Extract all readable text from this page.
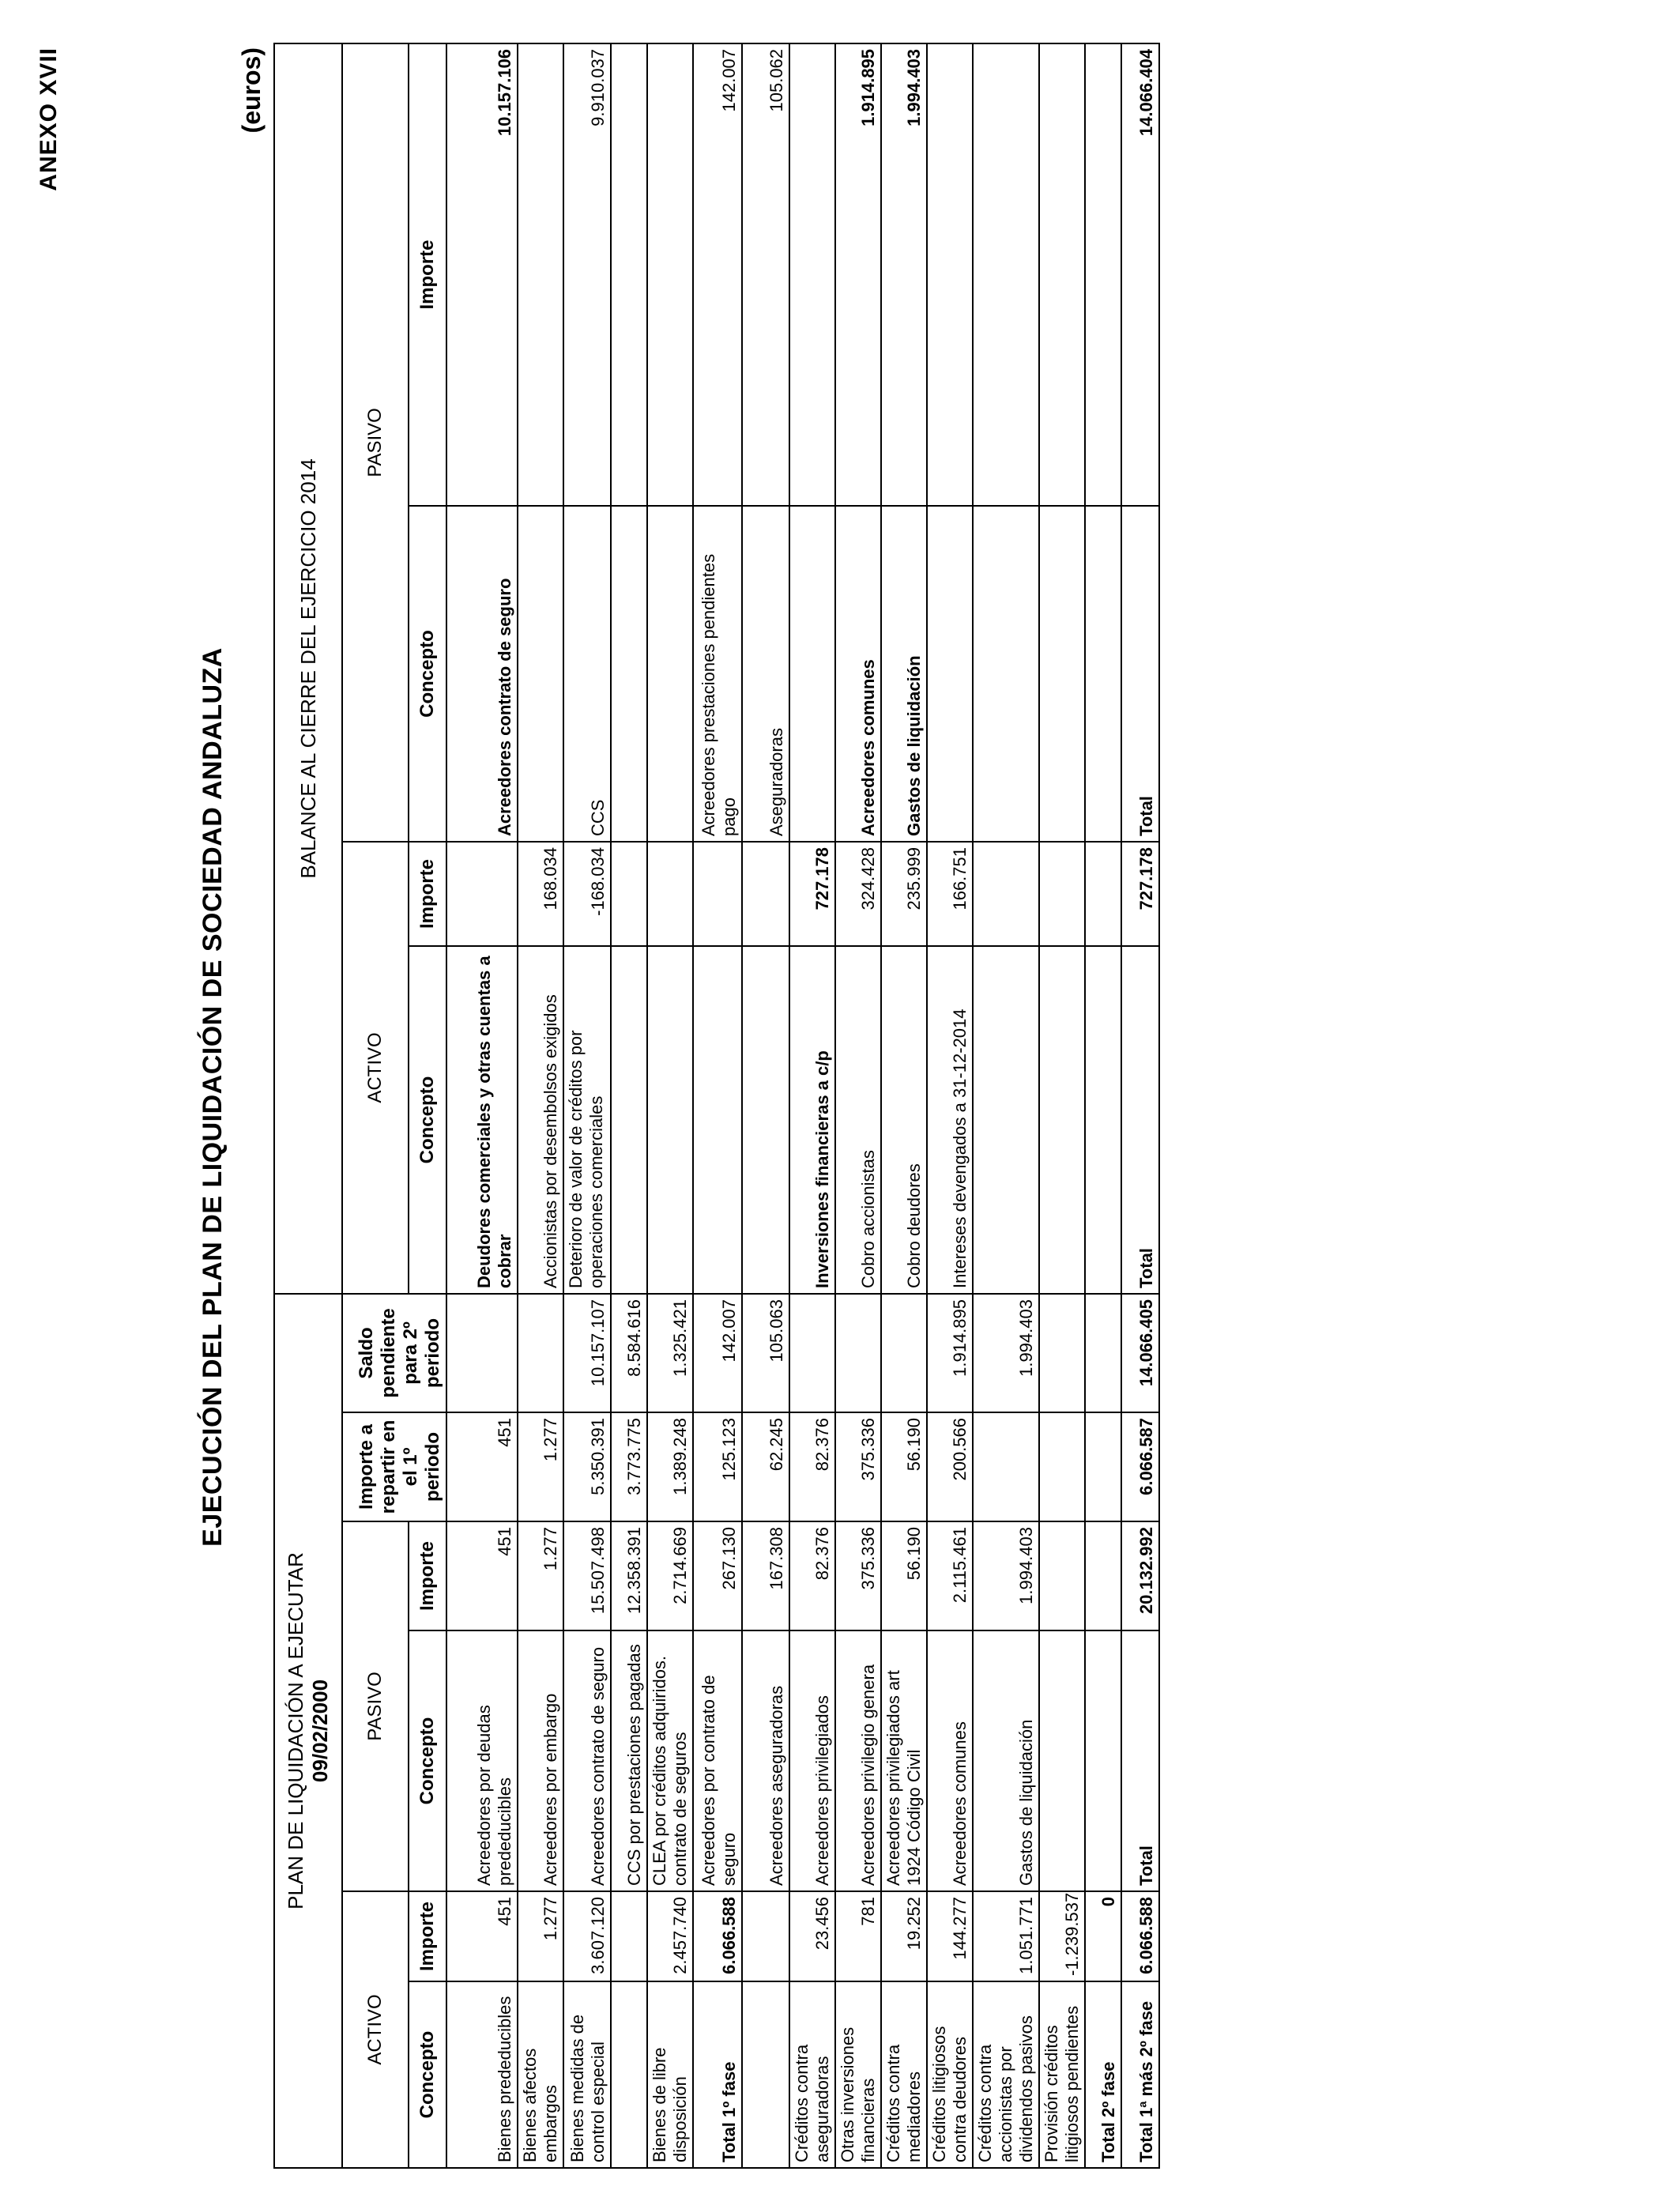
ANEXO XVII
EJECUCIÓN DEL PLAN DE LIQUIDACIÓN DE SOCIEDAD ANDALUZA
(euros)
PLAN DE LIQUIDACIÓN A EJECUTAR 09/02/2000						BALANCE AL CIERRE DEL EJERCICIO 2014			
ACTIVO		PASIVO		Importe a repartir en el 1º periodo	Saldo pendiente para 2º periodo	ACTIVO		PASIVO	
Concepto	Importe	Concepto	Importe			Concepto	Importe	Concepto	Importe
Bienes prededucibles	451	Acreedores por deudas prededucibles	451	451		Deudores comerciales y otras cuentas a cobrar		Acreedores contrato de seguro	10.157.106
Bienes afectos embargos	1.277	Acreedores por embargo	1.277	1.277		Accionistas por desembolsos exigidos	168.034		
Bienes medidas de control especial	3.607.120	Acreedores contrato de seguro	15.507.498	5.350.391	10.157.107	Deterioro de valor de créditos por operaciones comerciales	-168.034	CCS	9.910.037
		CCS por prestaciones pagadas	12.358.391	3.773.775	8.584.616				
Bienes de libre disposición	2.457.740	CLEA por créditos adquiridos. contrato de seguros	2.714.669	1.389.248	1.325.421				
Total 1º fase	6.066.588	Acreedores por contrato de seguro	267.130	125.123	142.007			Acreedores prestaciones pendientes pago	142.007
		Acreedores aseguradoras	167.308	62.245	105.063			Aseguradoras	105.062
Créditos contra aseguradoras	23.456	Acreedores privilegiados	82.376	82.376		Inversiones financieras a c/p	727.178		
Otras inversiones financieras	781	Acreedores privilegio genera	375.336	375.336		Cobro accionistas	324.428	Acreedores comunes	1.914.895
Créditos contra mediadores	19.252	Acreedores privilegiados art 1924 Código Civil	56.190	56.190		Cobro deudores	235.999	Gastos de liquidación	1.994.403
Créditos litigiosos contra deudores	144.277	Acreedores comunes	2.115.461	200.566	1.914.895	Intereses devengados a 31-12-2014	166.751		
Créditos contra accionistas por dividendos pasivos	1.051.771	Gastos de liquidación	1.994.403		1.994.403				
Provisión créditos litigiosos pendientes	-1.239.537								
Total 2º fase	0								
Total 1ª más 2º fase	6.066.588	Total	20.132.992	6.066.587	14.066.405	Total	727.178	Total	14.066.404
